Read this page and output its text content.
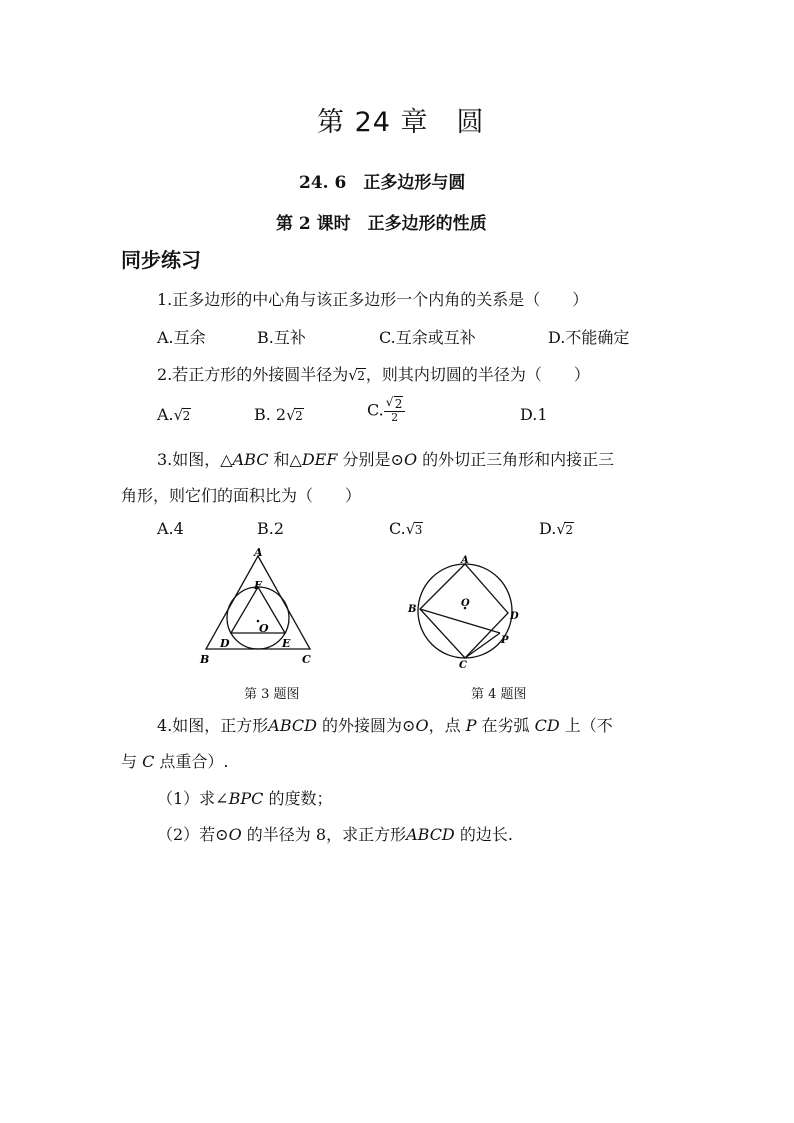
第 24 章　圆
24. 6　正多边形与圆
第 2 课时　正多边形的性质
同步练习
1.正多边形的中心角与该正多边形一个内角的关系是（　　）
A.互余	B.互补	C.互余或互补	D.不能确定
2.若正方形的外接圆半径为 √ 2，则其内切圆的半径为（　　）
A. √ 2	B. 2 √ 2	C. $\frac{√ 2}{2}$	D.1
3.如图，△ABC 和△DEF 分别是⊙O 的外切正三角形和内接正三
角形，则它们的面积比为（　　）
A.4	B.2	C. √ 3	D. √ 2
A
B	C
D	E
F
O
第 3 题图
A
B
C
D
P
O
第 4 题图
4.如图，正方形ABCD 的外接圆为⊙O，点 P 在劣弧 CD 上（不
与 C 点重合）.
（1）求∠BPC 的度数；
（2）若⊙O 的半径为 8，求正方形ABCD 的边长.
